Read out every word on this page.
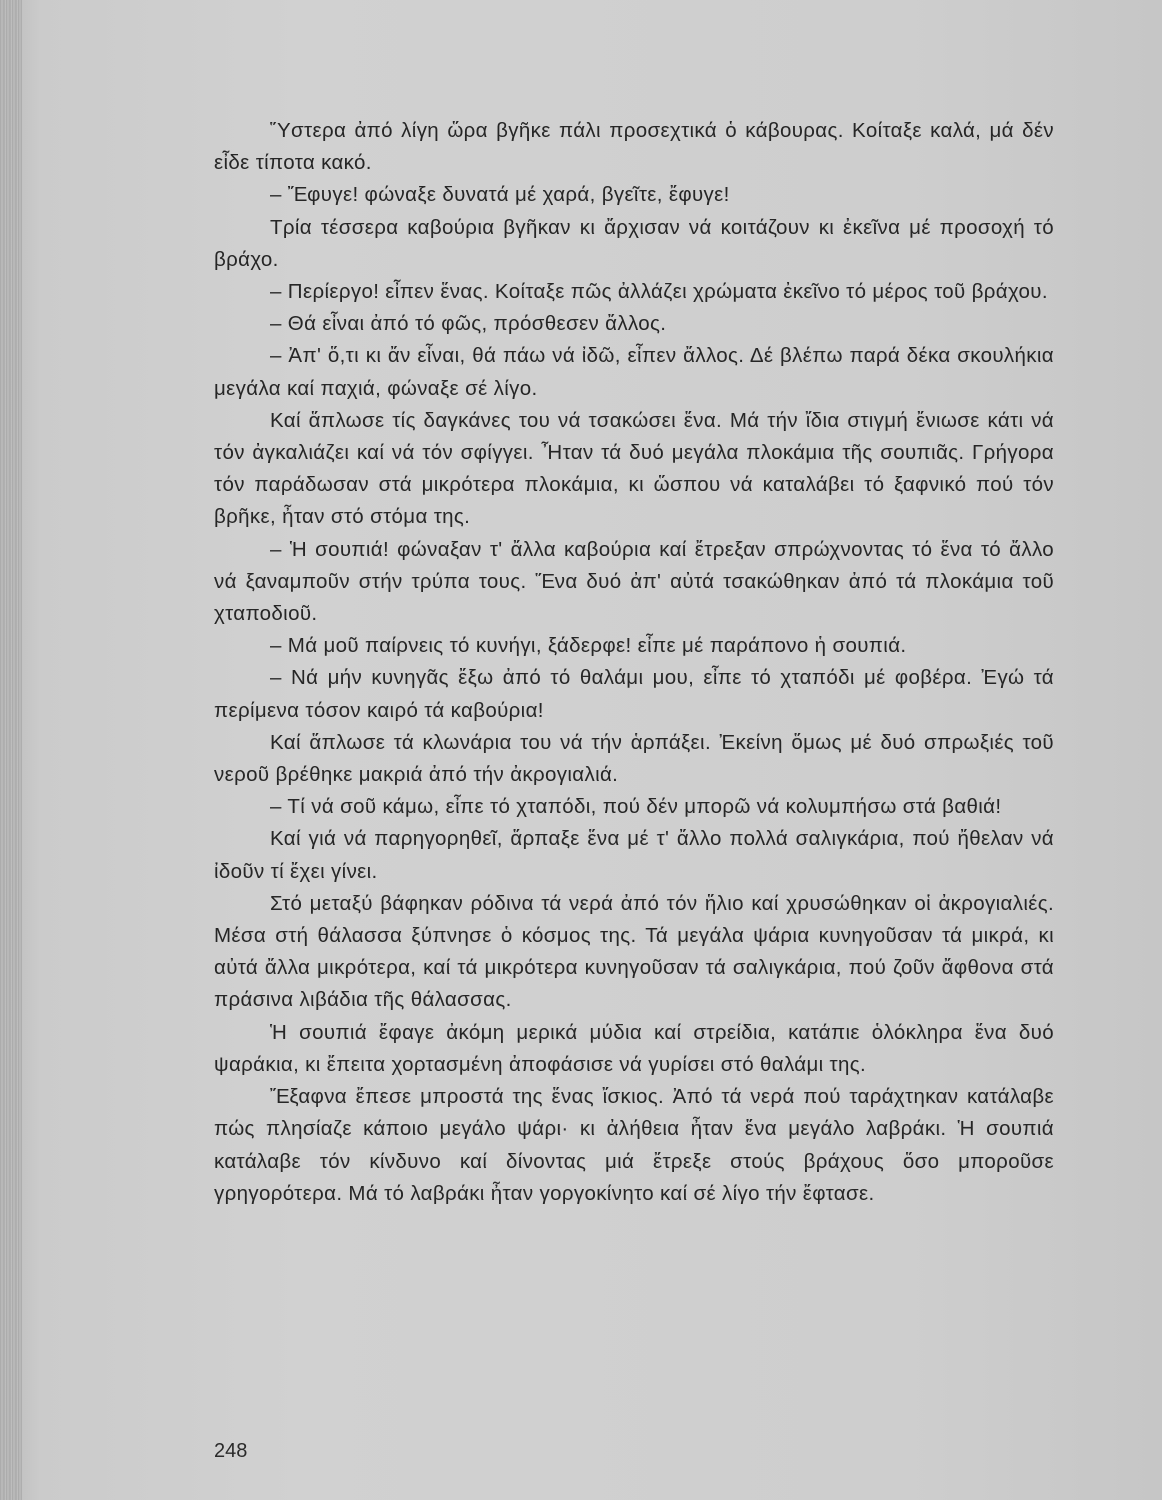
Ὕστερα ἀπό λίγη ὥρα βγῆκε πάλι προσεχτικά ὁ κάβουρας. Κοίταξε καλά, μά δέν εἶδε τίποτα κακό.

– Ἔφυγε! φώναξε δυνατά μέ χαρά, βγεῖτε, ἔφυγε!

Τρία τέσσερα καβούρια βγῆκαν κι ἄρχισαν νά κοιτάζουν κι ἐκεῖνα μέ προσοχή τό βράχο.

– Περίεργο! εἶπεν ἕνας. Κοίταξε πῶς ἀλλάζει χρώματα ἐκεῖνο τό μέρος τοῦ βράχου.

– Θά εἶναι ἀπό τό φῶς, πρόσθεσεν ἄλλος.

– Ἀπ' ὅ,τι κι ἄν εἶναι, θά πάω νά ἰδῶ, εἶπεν ἄλλος. Δέ βλέπω παρά δέκα σκουλήκια μεγάλα καί παχιά, φώναξε σέ λίγο.

Καί ἅπλωσε τίς δαγκάνες του νά τσακώσει ἕνα. Μά τήν ἴδια στιγμή ἔνιωσε κάτι νά τόν ἀγκαλιάζει καί νά τόν σφίγγει. Ἦταν τά δυό μεγάλα πλοκάμια τῆς σουπιᾶς. Γρήγορα τόν παράδωσαν στά μικρότερα πλοκάμια, κι ὥσπου νά καταλάβει τό ξαφνικό πού τόν βρῆκε, ἦταν στό στόμα της.

– Ἡ σουπιά! φώναξαν τ' ἄλλα καβούρια καί ἔτρεξαν σπρώχνοντας τό ἕνα τό ἄλλο νά ξαναμποῦν στήν τρύπα τους. Ἕνα δυό ἀπ' αὐτά τσακώθηκαν ἀπό τά πλοκάμια τοῦ χταποδιοῦ.

– Μά μοῦ παίρνεις τό κυνήγι, ξάδερφε! εἶπε μέ παράπονο ἡ σουπιά.

– Νά μήν κυνηγᾶς ἔξω ἀπό τό θαλάμι μου, εἶπε τό χταπόδι μέ φοβέρα. Ἐγώ τά περίμενα τόσον καιρό τά καβούρια!

Καί ἅπλωσε τά κλωνάρια του νά τήν ἁρπάξει. Ἐκείνη ὅμως μέ δυό σπρωξιές τοῦ νεροῦ βρέθηκε μακριά ἀπό τήν ἀκρογιαλιά.

– Τί νά σοῦ κάμω, εἶπε τό χταπόδι, πού δέν μπορῶ νά κολυμπήσω στά βαθιά!

Καί γιά νά παρηγορηθεῖ, ἅρπαξε ἕνα μέ τ' ἄλλο πολλά σαλιγκάρια, πού ἤθελαν νά ἰδοῦν τί ἔχει γίνει.

Στό μεταξύ βάφηκαν ρόδινα τά νερά ἀπό τόν ἥλιο καί χρυσώθηκαν οἱ ἀκρογιαλιές. Μέσα στή θάλασσα ξύπνησε ὁ κόσμος της. Τά μεγάλα ψάρια κυνηγοῦσαν τά μικρά, κι αὐτά ἄλλα μικρότερα, καί τά μικρότερα κυνηγοῦσαν τά σαλιγκάρια, πού ζοῦν ἄφθονα στά πράσινα λιβάδια τῆς θάλασσας.

Ἡ σουπιά ἔφαγε ἀκόμη μερικά μύδια καί στρείδια, κατάπιε ὁλόκληρα ἕνα δυό ψαράκια, κι ἔπειτα χορτασμένη ἀποφάσισε νά γυρίσει στό θαλάμι της.

Ἔξαφνα ἔπεσε μπροστά της ἕνας ἴσκιος. Ἀπό τά νερά πού ταράχτηκαν κατάλαβε πώς πλησίαζε κάποιο μεγάλο ψάρι· κι ἀλήθεια ἦταν ἕνα μεγάλο λαβράκι. Ἡ σουπιά κατάλαβε τόν κίνδυνο καί δίνοντας μιά ἔτρεξε στούς βράχους ὅσο μποροῦσε γρηγορότερα. Μά τό λαβράκι ἦταν γοργοκίνητο καί σέ λίγο τήν ἔφτασε.

248
